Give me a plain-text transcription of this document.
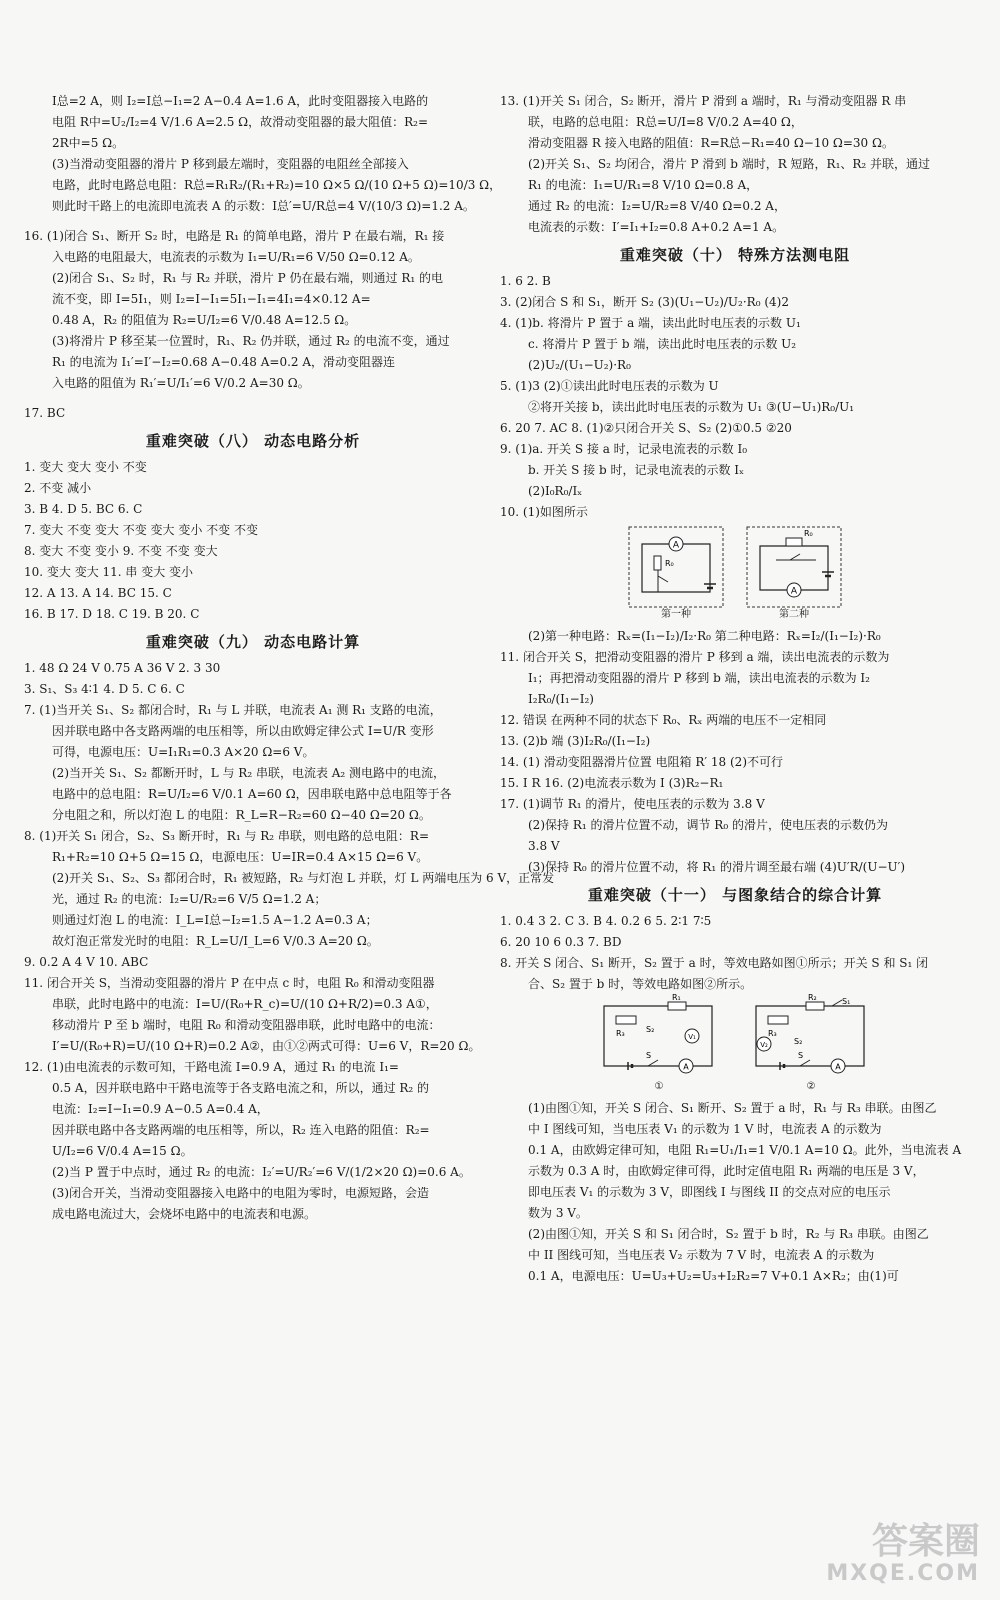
I总=2 A，则 I₂=I总−I₁=2 A−0.4 A=1.6 A，此时变阻器接入电路的
电阻 R中=U₂/I₂=4 V/1.6 A=2.5 Ω，故滑动变阻器的最大阻值：R₂=
2R中=5 Ω。
(3)当滑动变阻器的滑片 P 移到最左端时，变阻器的电阻丝全部接入
电路，此时电路总电阻：R总=R₁R₂/(R₁+R₂)=10 Ω×5 Ω/(10 Ω+5 Ω)=10/3 Ω，
则此时干路上的电流即电流表 A 的示数：I总′=U/R总=4 V/(10/3 Ω)=1.2 A。
16. (1)闭合 S₁、断开 S₂ 时，电路是 R₁ 的简单电路，滑片 P 在最右端，R₁ 接
入电路的电阻最大，电流表的示数为 I₁=U/R₁=6 V/50 Ω=0.12 A。
(2)闭合 S₁、S₂ 时，R₁ 与 R₂ 并联，滑片 P 仍在最右端，则通过 R₁ 的电
流不变，即 I=5I₁，则 I₂=I−I₁=5I₁−I₁=4I₁=4×0.12 A=
0.48 A，R₂ 的阻值为 R₂=U/I₂=6 V/0.48 A=12.5 Ω。
(3)将滑片 P 移至某一位置时，R₁、R₂ 仍并联，通过 R₂ 的电流不变，通过
R₁ 的电流为 I₁′=I′−I₂=0.68 A−0.48 A=0.2 A，滑动变阻器连
入电路的阻值为 R₁′=U/I₁′=6 V/0.2 A=30 Ω。
17. BC
重难突破（八） 动态电路分析
1. 变大 变大 变小 不变
2. 不变 减小
3. B 4. D 5. BC 6. C
7. 变大 不变 变大 不变 变大 变小 不变 不变
8. 变大 不变 变小 9. 不变 不变 变大
10. 变大 变大 11. 串 变大 变小
12. A 13. A 14. BC 15. C
16. B 17. D 18. C 19. B 20. C
重难突破（九） 动态电路计算
1. 48 Ω 24 V 0.75 A 36 V 2. 3 30
3. S₁、S₃ 4∶1 4. D 5. C 6. C
7. (1)当开关 S₁、S₂ 都闭合时，R₁ 与 L 并联，电流表 A₁ 测 R₁ 支路的电流，
因并联电路中各支路两端的电压相等，所以由欧姆定律公式 I=U/R 变形
可得，电源电压：U=I₁R₁=0.3 A×20 Ω=6 V。
(2)当开关 S₁、S₂ 都断开时，L 与 R₂ 串联，电流表 A₂ 测电路中的电流，
电路中的总电阻：R=U/I₂=6 V/0.1 A=60 Ω，因串联电路中总电阻等于各
分电阻之和，所以灯泡 L 的电阻：R_L=R−R₂=60 Ω−40 Ω=20 Ω。
8. (1)开关 S₁ 闭合，S₂、S₃ 断开时，R₁ 与 R₂ 串联，则电路的总电阻：R=
R₁+R₂=10 Ω+5 Ω=15 Ω，电源电压：U=IR=0.4 A×15 Ω=6 V。
(2)开关 S₁、S₂、S₃ 都闭合时，R₁ 被短路，R₂ 与灯泡 L 并联，灯 L 两端电压为 6 V，正常发
光，通过 R₂ 的电流：I₂=U/R₂=6 V/5 Ω=1.2 A；
则通过灯泡 L 的电流：I_L=I总−I₂=1.5 A−1.2 A=0.3 A；
故灯泡正常发光时的电阻：R_L=U/I_L=6 V/0.3 A=20 Ω。
9. 0.2 A 4 V 10. ABC
11. 闭合开关 S，当滑动变阻器的滑片 P 在中点 c 时，电阻 R₀ 和滑动变阻器
串联，此时电路中的电流：I=U/(R₀+R_c)=U/(10 Ω+R/2)=0.3 A①，
移动滑片 P 至 b 端时，电阻 R₀ 和滑动变阻器串联，此时电路中的电流：
I′=U/(R₀+R)=U/(10 Ω+R)=0.2 A②，由①②两式可得：U=6 V，R=20 Ω。
12. (1)由电流表的示数可知，干路电流 I=0.9 A，通过 R₁ 的电流 I₁=
0.5 A，因并联电路中干路电流等于各支路电流之和，所以，通过 R₂ 的
电流：I₂=I−I₁=0.9 A−0.5 A=0.4 A，
因并联电路中各支路两端的电压相等，所以，R₂ 连入电路的阻值：R₂=
U/I₂=6 V/0.4 A=15 Ω。
(2)当 P 置于中点时，通过 R₂ 的电流：I₂′=U/R₂′=6 V/(1/2×20 Ω)=0.6 A。
(3)闭合开关，当滑动变阻器接入电路中的电阻为零时，电源短路，会造
成电路电流过大，会烧坏电路中的电流表和电源。
13. (1)开关 S₁ 闭合，S₂ 断开，滑片 P 滑到 a 端时，R₁ 与滑动变阻器 R 串
联，电路的总电阻：R总=U/I=8 V/0.2 A=40 Ω，
滑动变阻器 R 接入电路的阻值：R=R总−R₁=40 Ω−10 Ω=30 Ω。
(2)开关 S₁、S₂ 均闭合，滑片 P 滑到 b 端时，R 短路，R₁、R₂ 并联，通过
R₁ 的电流：I₁=U/R₁=8 V/10 Ω=0.8 A，
通过 R₂ 的电流：I₂=U/R₂=8 V/40 Ω=0.2 A，
电流表的示数：I′=I₁+I₂=0.8 A+0.2 A=1 A。
重难突破（十） 特殊方法测电阻
1. 6 2. B
3. (2)闭合 S 和 S₁，断开 S₂ (3)(U₁−U₂)/U₂·R₀ (4)2
4. (1)b. 将滑片 P 置于 a 端，读出此时电压表的示数 U₁
c. 将滑片 P 置于 b 端，读出此时电压表的示数 U₂
(2)U₂/(U₁−U₂)·R₀
5. (1)3 (2)①读出此时电压表的示数为 U
②将开关接 b，读出此时电压表的示数为 U₁ ③(U−U₁)R₀/U₁
6. 20 7. AC 8. (1)②只闭合开关 S、S₂ (2)①0.5 ②20
9. (1)a. 开关 S 接 a 时，记录电流表的示数 I₀
b. 开关 S 接 b 时，记录电流表的示数 Iₓ
(2)I₀R₀/Iₓ
10. (1)如图所示
A
R₀
第一种
R₀
A
第二种
(2)第一种电路：Rₓ=(I₁−I₂)/I₂·R₀ 第二种电路：Rₓ=I₂/(I₁−I₂)·R₀
11. 闭合开关 S，把滑动变阻器的滑片 P 移到 a 端，读出电流表的示数为
I₁；再把滑动变阻器的滑片 P 移到 b 端，读出电流表的示数为 I₂
I₂R₀/(I₁−I₂)
12. 错误 在两种不同的状态下 R₀、Rₓ 两端的电压不一定相同
13. (2)b 端 (3)I₂R₀/(I₁−I₂)
14. (1) 滑动变阻器滑片位置 电阻箱 R′ 18 (2)不可行
15. I R 16. (2)电流表示数为 I (3)R₂−R₁
17. (1)调节 R₁ 的滑片，使电压表的示数为 3.8 V
(2)保持 R₁ 的滑片位置不动，调节 R₀ 的滑片，使电压表的示数仍为
3.8 V
(3)保持 R₀ 的滑片位置不动，将 R₁ 的滑片调至最右端 (4)U′R/(U−U′)
重难突破（十一） 与图象结合的综合计算
1. 0.4 3 2. C 3. B 4. 0.2 6 5. 2∶1 7∶5
6. 20 10 6 0.3 7. BD
8. 开关 S 闭合、S₁ 断开，S₂ 置于 a 时，等效电路如图①所示；开关 S 和 S₁ 闭
合、S₂ 置于 b 时，等效电路如图②所示。
R₃
R₁
S₂
V₁
S
A
①
R₃
R₂	S₁
V₂	S₂
S
A
②
(1)由图①知，开关 S 闭合、S₁ 断开、S₂ 置于 a 时，R₁ 与 R₃ 串联。由图乙
中 I 图线可知，当电压表 V₁ 的示数为 1 V 时，电流表 A 的示数为
0.1 A，由欧姆定律可知，电阻 R₁=U₁/I₁=1 V/0.1 A=10 Ω。此外，当电流表 A
示数为 0.3 A 时，由欧姆定律可得，此时定值电阻 R₁ 两端的电压是 3 V，
即电压表 V₁ 的示数为 3 V，即图线 I 与图线 II 的交点对应的电压示
数为 3 V。
(2)由图①知，开关 S 和 S₁ 闭合时，S₂ 置于 b 时，R₂ 与 R₃ 串联。由图乙
中 II 图线可知，当电压表 V₂ 示数为 7 V 时，电流表 A 的示数为
0.1 A，电源电压：U=U₃+U₂=U₃+I₂R₂=7 V+0.1 A×R₂；由(1)可
答案圈
MXQE.COM
